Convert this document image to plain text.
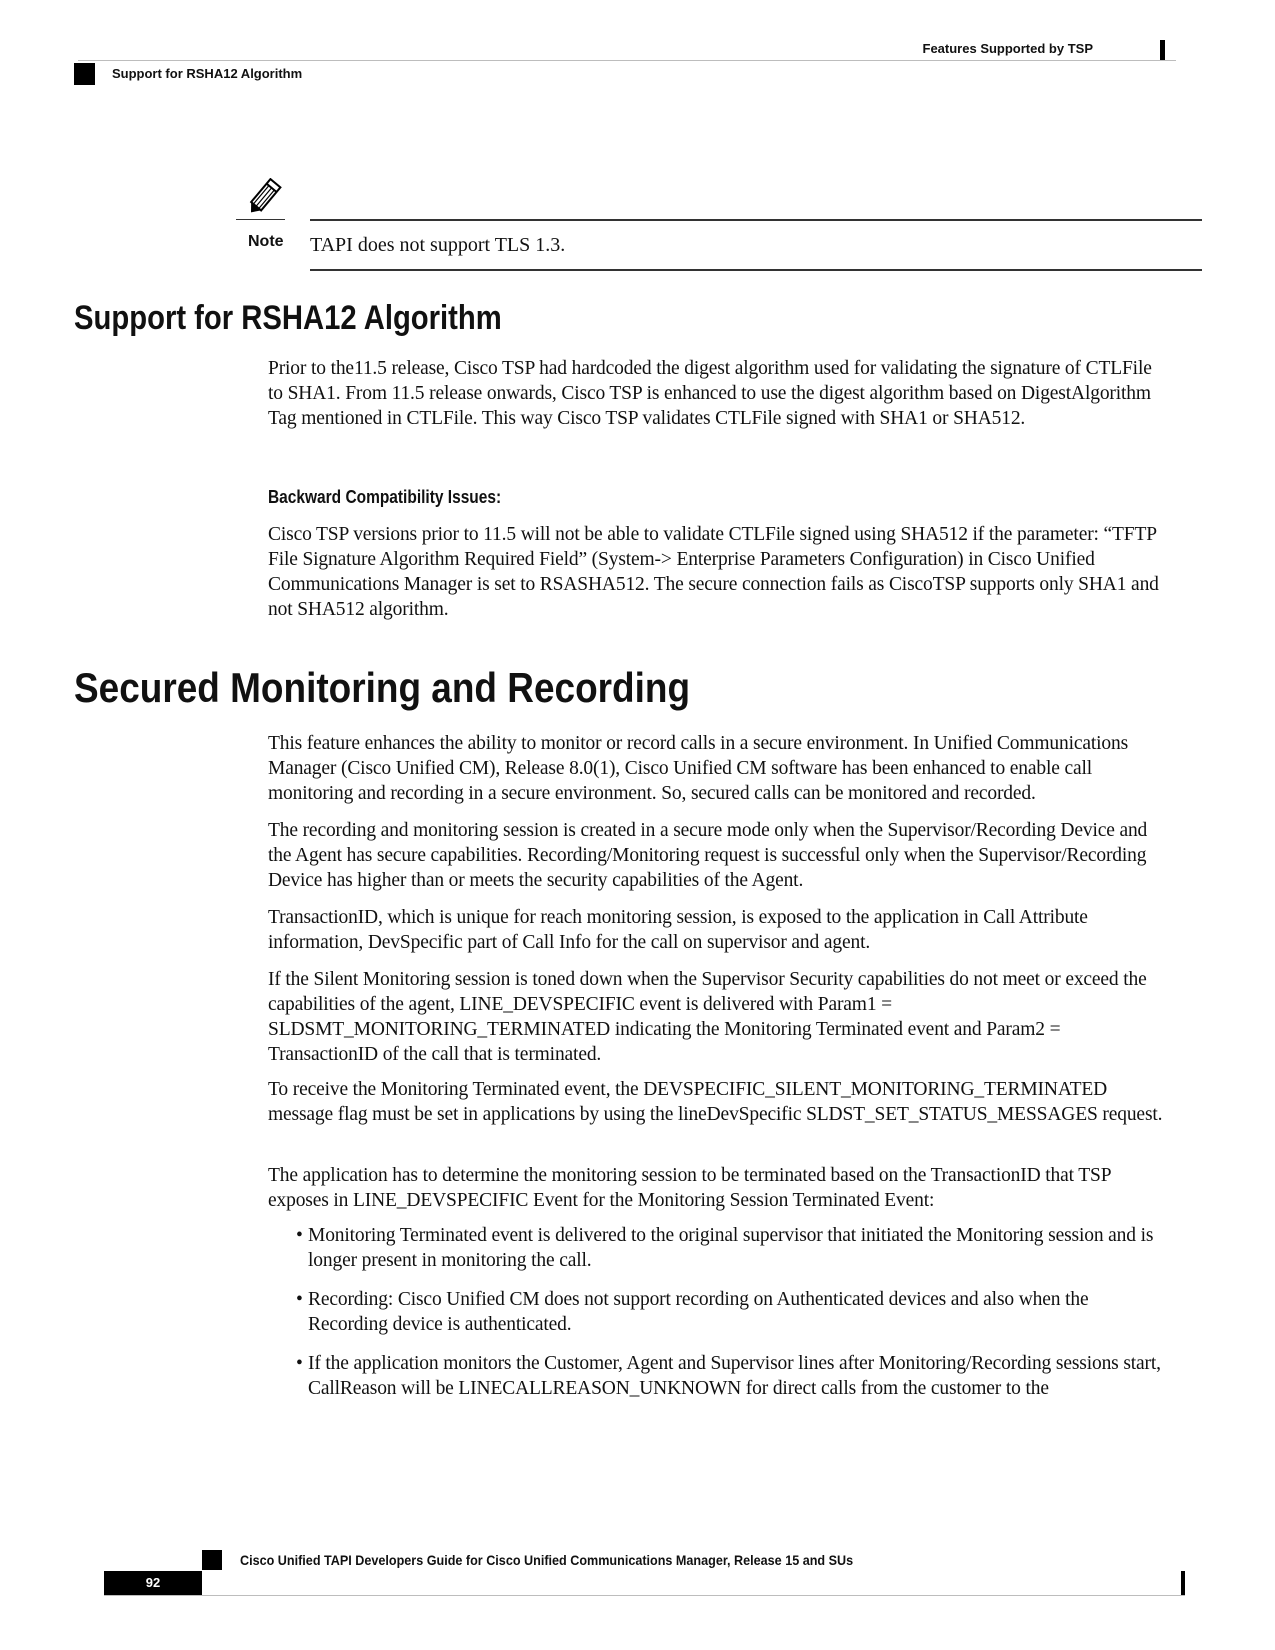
Features Supported by TSP
Support for RSHA12 Algorithm
Note TAPI does not support TLS 1.3.
Support for RSHA12 Algorithm

Prior to the11.5 release, Cisco TSP had hardcoded the digest algorithm used for validating the signature of CTLFile to SHA1. From 11.5 release onwards, Cisco TSP is enhanced to use the digest algorithm based on DigestAlgorithm Tag mentioned in CTLFile. This way Cisco TSP validates CTLFile signed with SHA1 or SHA512.

Backward Compatibility Issues:

Cisco TSP versions prior to 11.5 will not be able to validate CTLFile signed using SHA512 if the parameter: “TFTP File Signature Algorithm Required Field” (System-> Enterprise Parameters Configuration) in Cisco Unified Communications Manager is set to RSASHA512. The secure connection fails as CiscoTSP supports only SHA1 and not SHA512 algorithm.

Secured Monitoring and Recording

This feature enhances the ability to monitor or record calls in a secure environment. In Unified Communications Manager (Cisco Unified CM), Release 8.0(1), Cisco Unified CM software has been enhanced to enable call monitoring and recording in a secure environment. So, secured calls can be monitored and recorded.

The recording and monitoring session is created in a secure mode only when the Supervisor/Recording Device and the Agent has secure capabilities. Recording/Monitoring request is successful only when the Supervisor/Recording Device has higher than or meets the security capabilities of the Agent.

TransactionID, which is unique for reach monitoring session, is exposed to the application in Call Attribute information, DevSpecific part of Call Info for the call on supervisor and agent.

If the Silent Monitoring session is toned down when the Supervisor Security capabilities do not meet or exceed the capabilities of the agent, LINE_DEVSPECIFIC event is delivered with Param1 = SLDSMT_MONITORING_TERMINATED indicating the Monitoring Terminated event and Param2 = TransactionID of the call that is terminated.

To receive the Monitoring Terminated event, the DEVSPECIFIC_SILENT_MONITORING_TERMINATED message flag must be set in applications by using the lineDevSpecific SLDST_SET_STATUS_MESSAGES request.

The application has to determine the monitoring session to be terminated based on the TransactionID that TSP exposes in LINE_DEVSPECIFIC Event for the Monitoring Session Terminated Event:

• Monitoring Terminated event is delivered to the original supervisor that initiated the Monitoring session and is longer present in monitoring the call.
• Recording: Cisco Unified CM does not support recording on Authenticated devices and also when the Recording device is authenticated.
• If the application monitors the Customer, Agent and Supervisor lines after Monitoring/Recording sessions start, CallReason will be LINECALLREASON_UNKNOWN for direct calls from the customer to the
Cisco Unified TAPI Developers Guide for Cisco Unified Communications Manager, Release 15 and SUs
92
